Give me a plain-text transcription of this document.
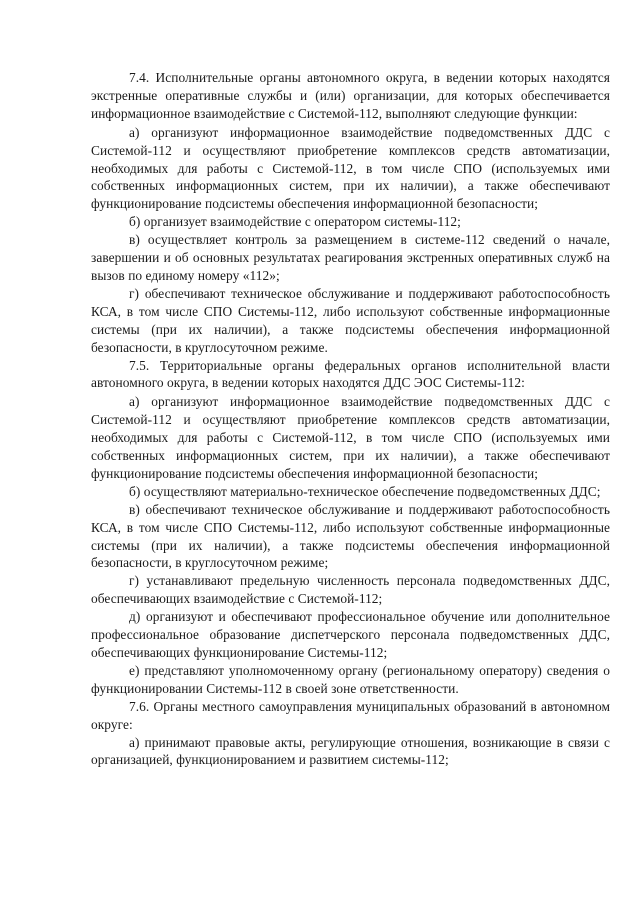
7.4. Исполнительные органы автономного округа, в ведении которых находятся экстренные оперативные службы и (или) организации, для которых обеспечивается информационное взаимодействие с Системой-112, выполняют следующие функции:

а) организуют информационное взаимодействие подведомственных ДДС с Системой-112 и осуществляют приобретение комплексов средств автоматизации, необходимых для работы с Системой-112, в том числе СПО (используемых ими собственных информационных систем, при их наличии), а также обеспечивают функционирование подсистемы обеспечения информационной безопасности;

б) организует взаимодействие с оператором системы-112;

в) осуществляет контроль за размещением в системе-112 сведений о начале, завершении и об основных результатах реагирования экстренных оперативных служб на вызов по единому номеру «112»;

г) обеспечивают техническое обслуживание и поддерживают работоспособность КСА, в том числе СПО Системы-112, либо используют собственные информационные системы (при их наличии), а также подсистемы обеспечения информационной безопасности, в круглосуточном режиме.

7.5. Территориальные органы федеральных органов исполнительной власти автономного округа, в ведении которых находятся ДДС ЭОС Системы-112:

а) организуют информационное взаимодействие подведомственных ДДС с Системой-112 и осуществляют приобретение комплексов средств автоматизации, необходимых для работы с Системой-112, в том числе СПО (используемых ими собственных информационных систем, при их наличии), а также обеспечивают функционирование подсистемы обеспечения информационной безопасности;

б) осуществляют материально-техническое обеспечение подведомственных ДДС;

в) обеспечивают техническое обслуживание и поддерживают работоспособность КСА, в том числе СПО Системы-112, либо используют собственные информационные системы (при их наличии), а также подсистемы обеспечения информационной безопасности, в круглосуточном режиме;

г) устанавливают предельную численность персонала подведомственных ДДС, обеспечивающих взаимодействие с Системой-112;

д) организуют и обеспечивают профессиональное обучение или дополнительное профессиональное образование диспетчерского персонала подведомственных ДДС, обеспечивающих функционирование Системы-112;

е) представляют уполномоченному органу (региональному оператору) сведения о функционировании Системы-112 в своей зоне ответственности.

7.6. Органы местного самоуправления муниципальных образований в автономном округе:

а) принимают правовые акты, регулирующие отношения, возникающие в связи с организацией, функционированием и развитием системы-112;
